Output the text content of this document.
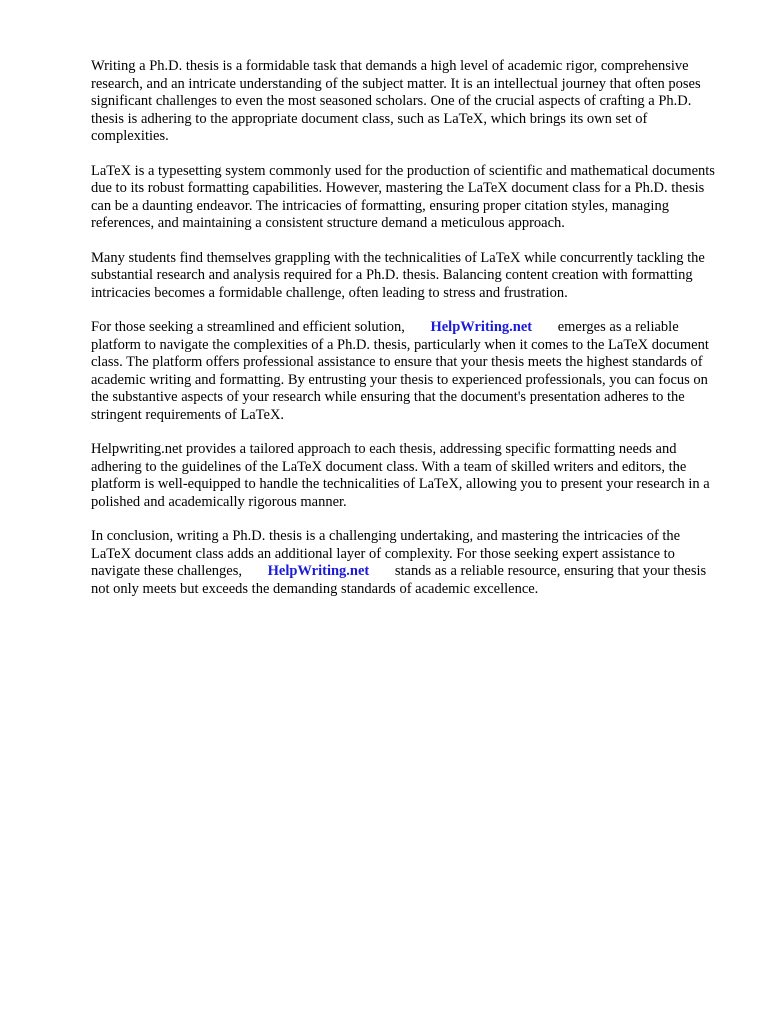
Writing a Ph.D. thesis is a formidable task that demands a high level of academic rigor, comprehensive research, and an intricate understanding of the subject matter. It is an intellectual journey that often poses significant challenges to even the most seasoned scholars. One of the crucial aspects of crafting a Ph.D. thesis is adhering to the appropriate document class, such as LaTeX, which brings its own set of complexities.

LaTeX is a typesetting system commonly used for the production of scientific and mathematical documents due to its robust formatting capabilities. However, mastering the LaTeX document class for a Ph.D. thesis can be a daunting endeavor. The intricacies of formatting, ensuring proper citation styles, managing references, and maintaining a consistent structure demand a meticulous approach.

Many students find themselves grappling with the technicalities of LaTeX while concurrently tackling the substantial research and analysis required for a Ph.D. thesis. Balancing content creation with formatting intricacies becomes a formidable challenge, often leading to stress and frustration.

For those seeking a streamlined and efficient solution, HelpWriting.net emerges as a reliable platform to navigate the complexities of a Ph.D. thesis, particularly when it comes to the LaTeX document class. The platform offers professional assistance to ensure that your thesis meets the highest standards of academic writing and formatting. By entrusting your thesis to experienced professionals, you can focus on the substantive aspects of your research while ensuring that the document's presentation adheres to the stringent requirements of LaTeX.

Helpwriting.net provides a tailored approach to each thesis, addressing specific formatting needs and adhering to the guidelines of the LaTeX document class. With a team of skilled writers and editors, the platform is well-equipped to handle the technicalities of LaTeX, allowing you to present your research in a polished and academically rigorous manner.

In conclusion, writing a Ph.D. thesis is a challenging undertaking, and mastering the intricacies of the LaTeX document class adds an additional layer of complexity. For those seeking expert assistance to navigate these challenges, HelpWriting.net stands as a reliable resource, ensuring that your thesis not only meets but exceeds the demanding standards of academic excellence.
